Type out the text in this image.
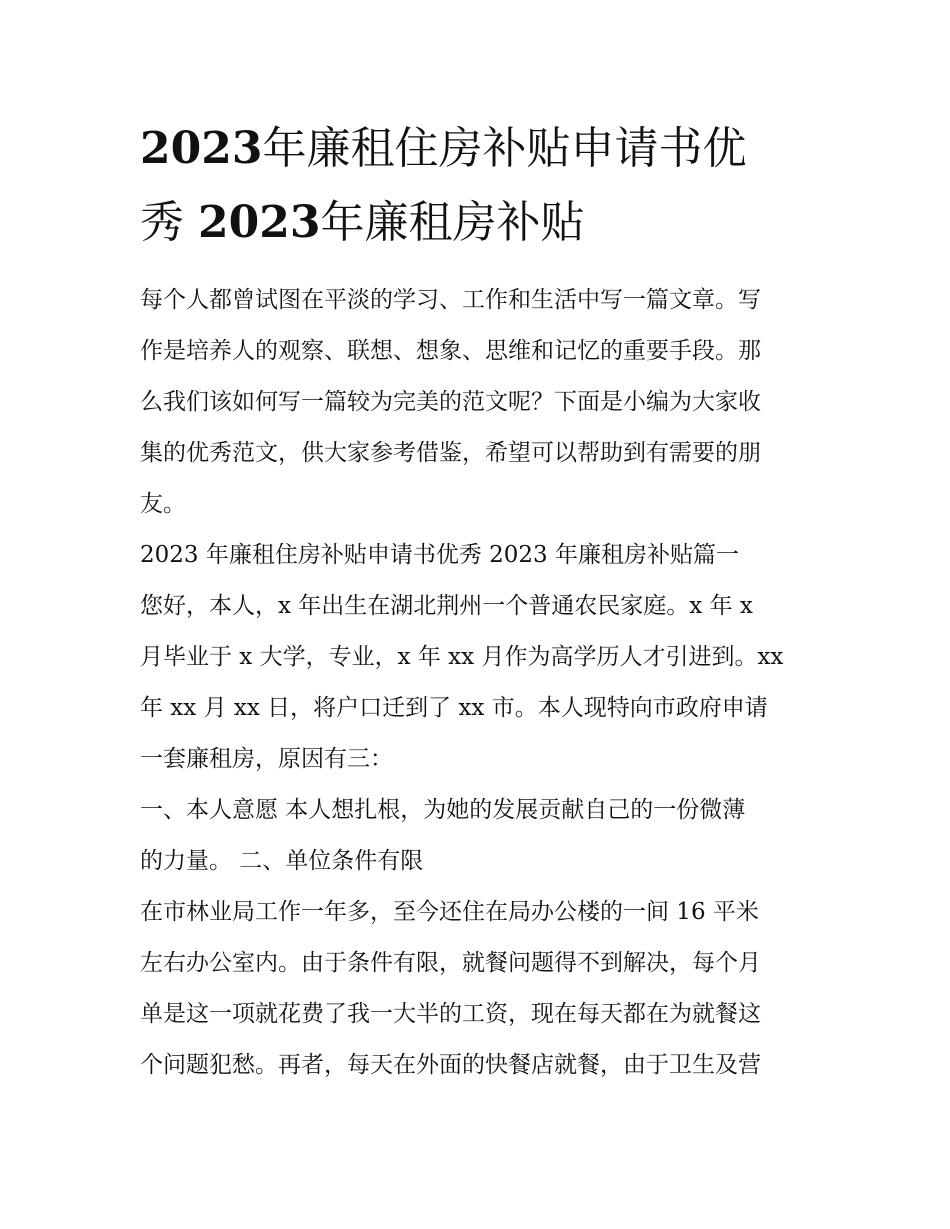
2023年廉租住房补贴申请书优
秀 2023年廉租房补贴
每个人都曾试图在平淡的学习、工作和生活中写一篇文章。写
作是培养人的观察、联想、想象、思维和记忆的重要手段。那
么我们该如何写一篇较为完美的范文呢？下面是小编为大家收
集的优秀范文，供大家参考借鉴，希望可以帮助到有需要的朋
友。
2023 年廉租住房补贴申请书优秀 2023 年廉租房补贴篇一
您好，本人，x 年出生在湖北荆州一个普通农民家庭。x 年 x
月毕业于 x 大学，专业，x 年 xx 月作为高学历人才引进到。xx
年 xx 月 xx 日，将户口迁到了 xx 市。本人现特向市政府申请
一套廉租房，原因有三：
一、本人意愿 本人想扎根，为她的发展贡献自己的一份微薄
的力量。 二、单位条件有限
在市林业局工作一年多，至今还住在局办公楼的一间 16 平米
左右办公室内。由于条件有限，就餐问题得不到解决，每个月
单是这一项就花费了我一大半的工资，现在每天都在为就餐这
个问题犯愁。再者，每天在外面的快餐店就餐，由于卫生及营
